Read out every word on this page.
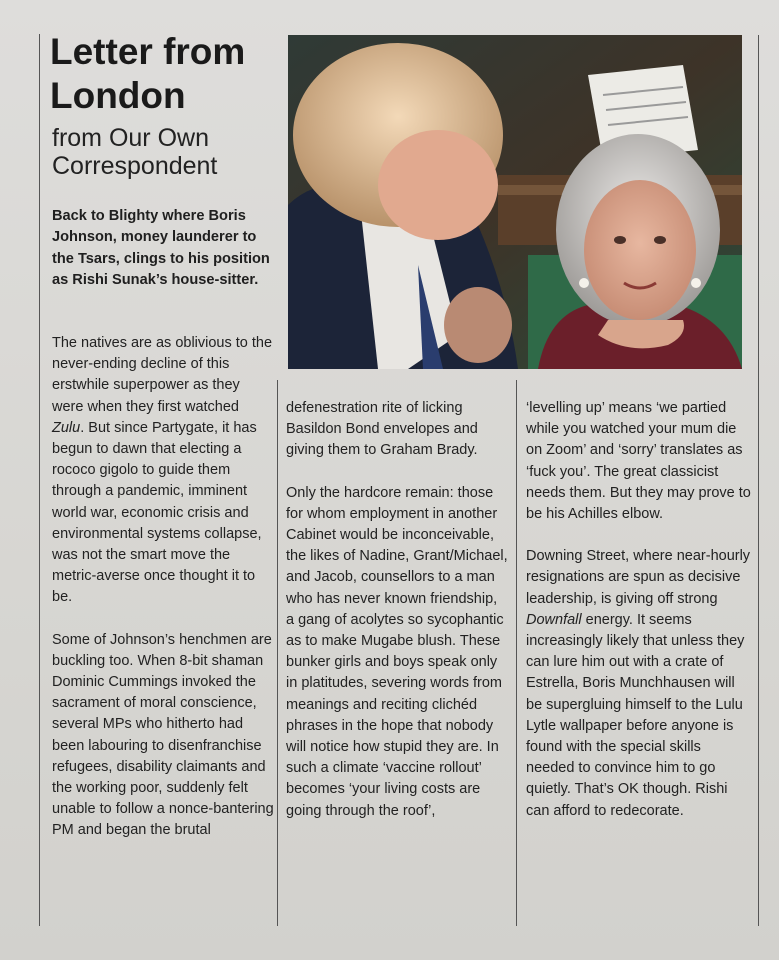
Letter from London
from Our Own Correspondent
Back to Blighty where Boris Johnson, money launderer to the Tsars, clings to his position as Rishi Sunak’s house-sitter.

The natives are as oblivious to the never-ending decline of this erstwhile superpower as they were when they first watched Zulu. But since Partygate, it has begun to dawn that electing a rococo gigolo to guide them through a pandemic, imminent world war, economic crisis and environmental systems collapse, was not the smart move the metric-averse once thought it to be.

Some of Johnson’s henchmen are buckling too. When 8-bit shaman Dominic Cummings invoked the sacrament of moral conscience, several MPs who hitherto had been labouring to disenfranchise refugees, disability claimants and the working poor, suddenly felt unable to follow a nonce-bantering PM and began the brutal

defenestration rite of licking Basildon Bond envelopes and giving them to Graham Brady.

Only the hardcore remain: those for whom employment in another Cabinet would be inconceivable, the likes of Nadine, Grant/Michael, and Jacob, counsellors to a man who has never known friendship, a gang of acolytes so sycophantic as to make Mugabe blush. These bunker girls and boys speak only in platitudes, severing words from meanings and reciting clichéd phrases in the hope that nobody will notice how stupid they are. In such a climate ‘vaccine rollout’ becomes ‘your living costs are going through the roof’,

‘levelling up’ means ‘we partied while you watched your mum die on Zoom’ and ‘sorry’ translates as ‘fuck you’. The great classicist needs them. But they may prove to be his Achilles elbow.

Downing Street, where near-hourly resignations are spun as decisive leadership, is giving off strong Downfall energy. It seems increasingly likely that unless they can lure him out with a crate of Estrella, Boris Munchhausen will be supergluing himself to the Lulu Lytle wallpaper before anyone is found with the special skills needed to convince him to go quietly. That’s OK though. Rishi can afford to redecorate.
